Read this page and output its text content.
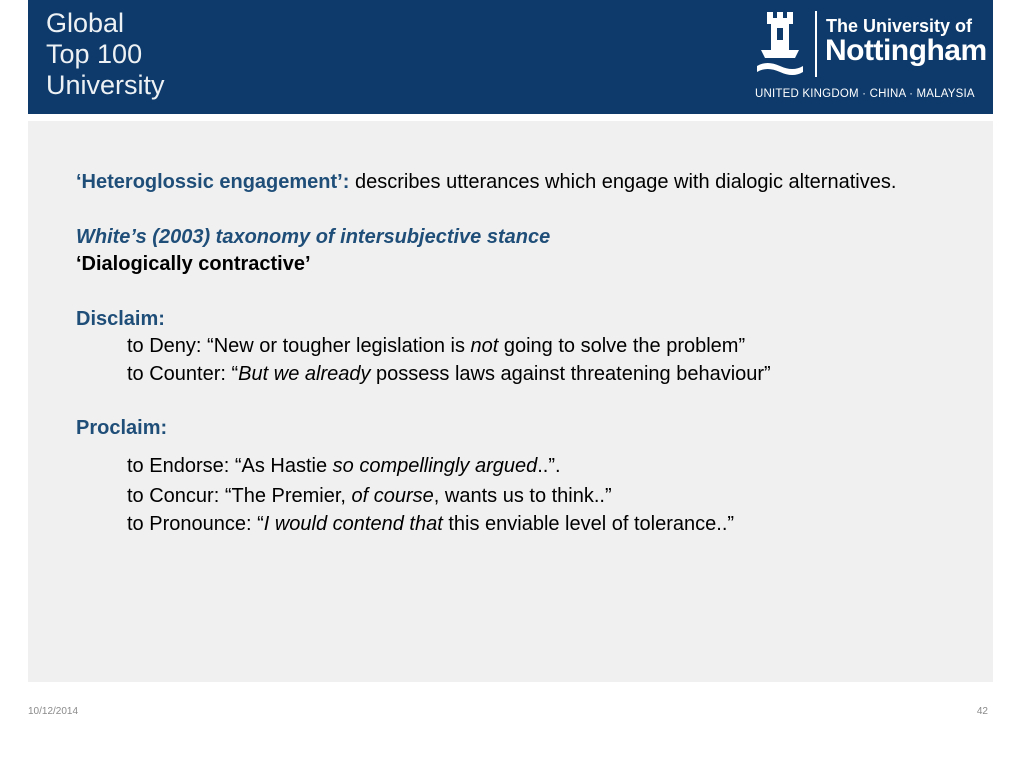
Global
Top 100
University
The University of
Nottingham
UNITED KINGDOM · CHINA · MALAYSIA
‘Heteroglossic engagement’: describes utterances which engage with dialogic alternatives.
White’s (2003) taxonomy of intersubjective stance
‘Dialogically contractive’
Disclaim:
to Deny: “New or tougher legislation is not going to solve the problem”
to Counter: “But we already possess laws against threatening behaviour”
Proclaim:
to Endorse: “As Hastie so compellingly argued..”.
to Concur: “The Premier, of course, wants us to think..”
to Pronounce: “I would contend that this enviable level of tolerance..”
10/12/2014	42
